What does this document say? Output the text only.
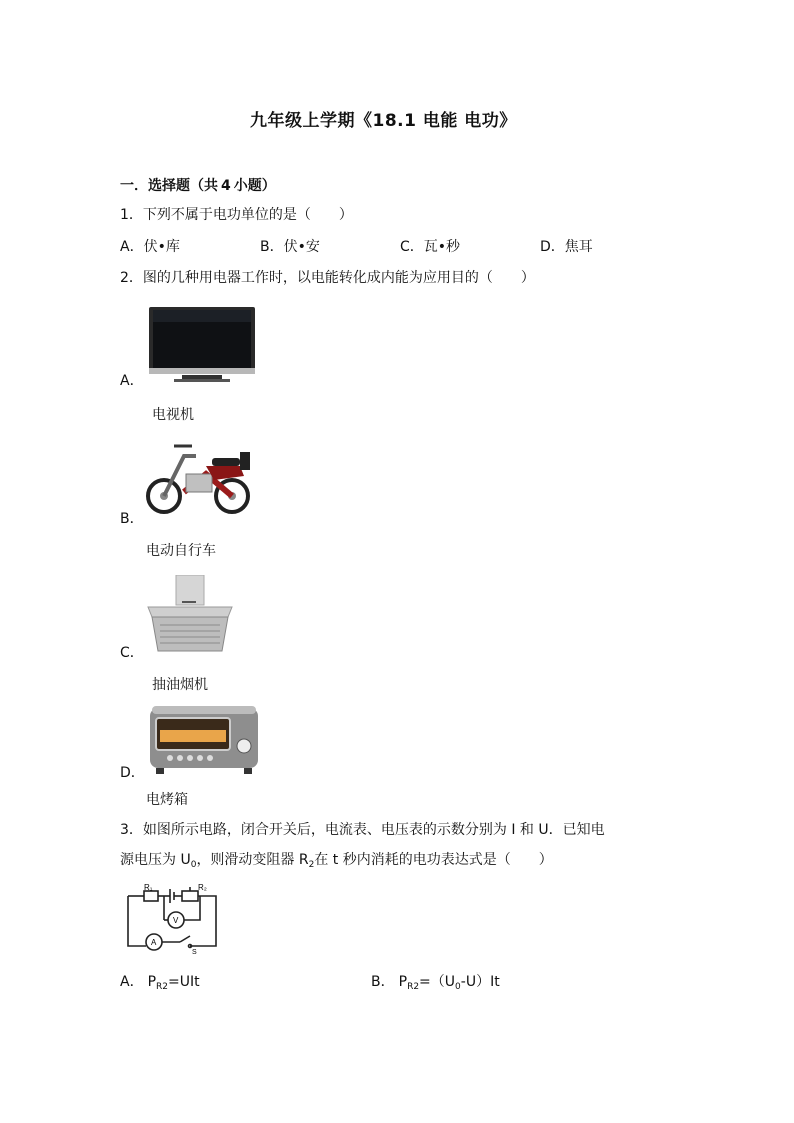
九年级上学期《18.1 电能 电功》
一．选择题（共 4 小题）
1．下列不属于电功单位的是（　　）
A．伏•库	B．伏•安	C．瓦•秒	D．焦耳
2．图的几种用电器工作时，以电能转化成内能为应用目的（　　）
A．
电视机
B．
电动自行车
C．
抽油烟机
D．
电烤箱
3．如图所示电路，闭合开关后，电流表、电压表的示数分别为 I 和 U．已知电
源电压为 $U_0$，则滑动变阻器 $R_2$在 t 秒内消耗的电功表达式是（　　）
R₁	R₂
V
A
S
A． $P_{R2}=UIt$	B． $P_{R2}=(U_0-U)It$
